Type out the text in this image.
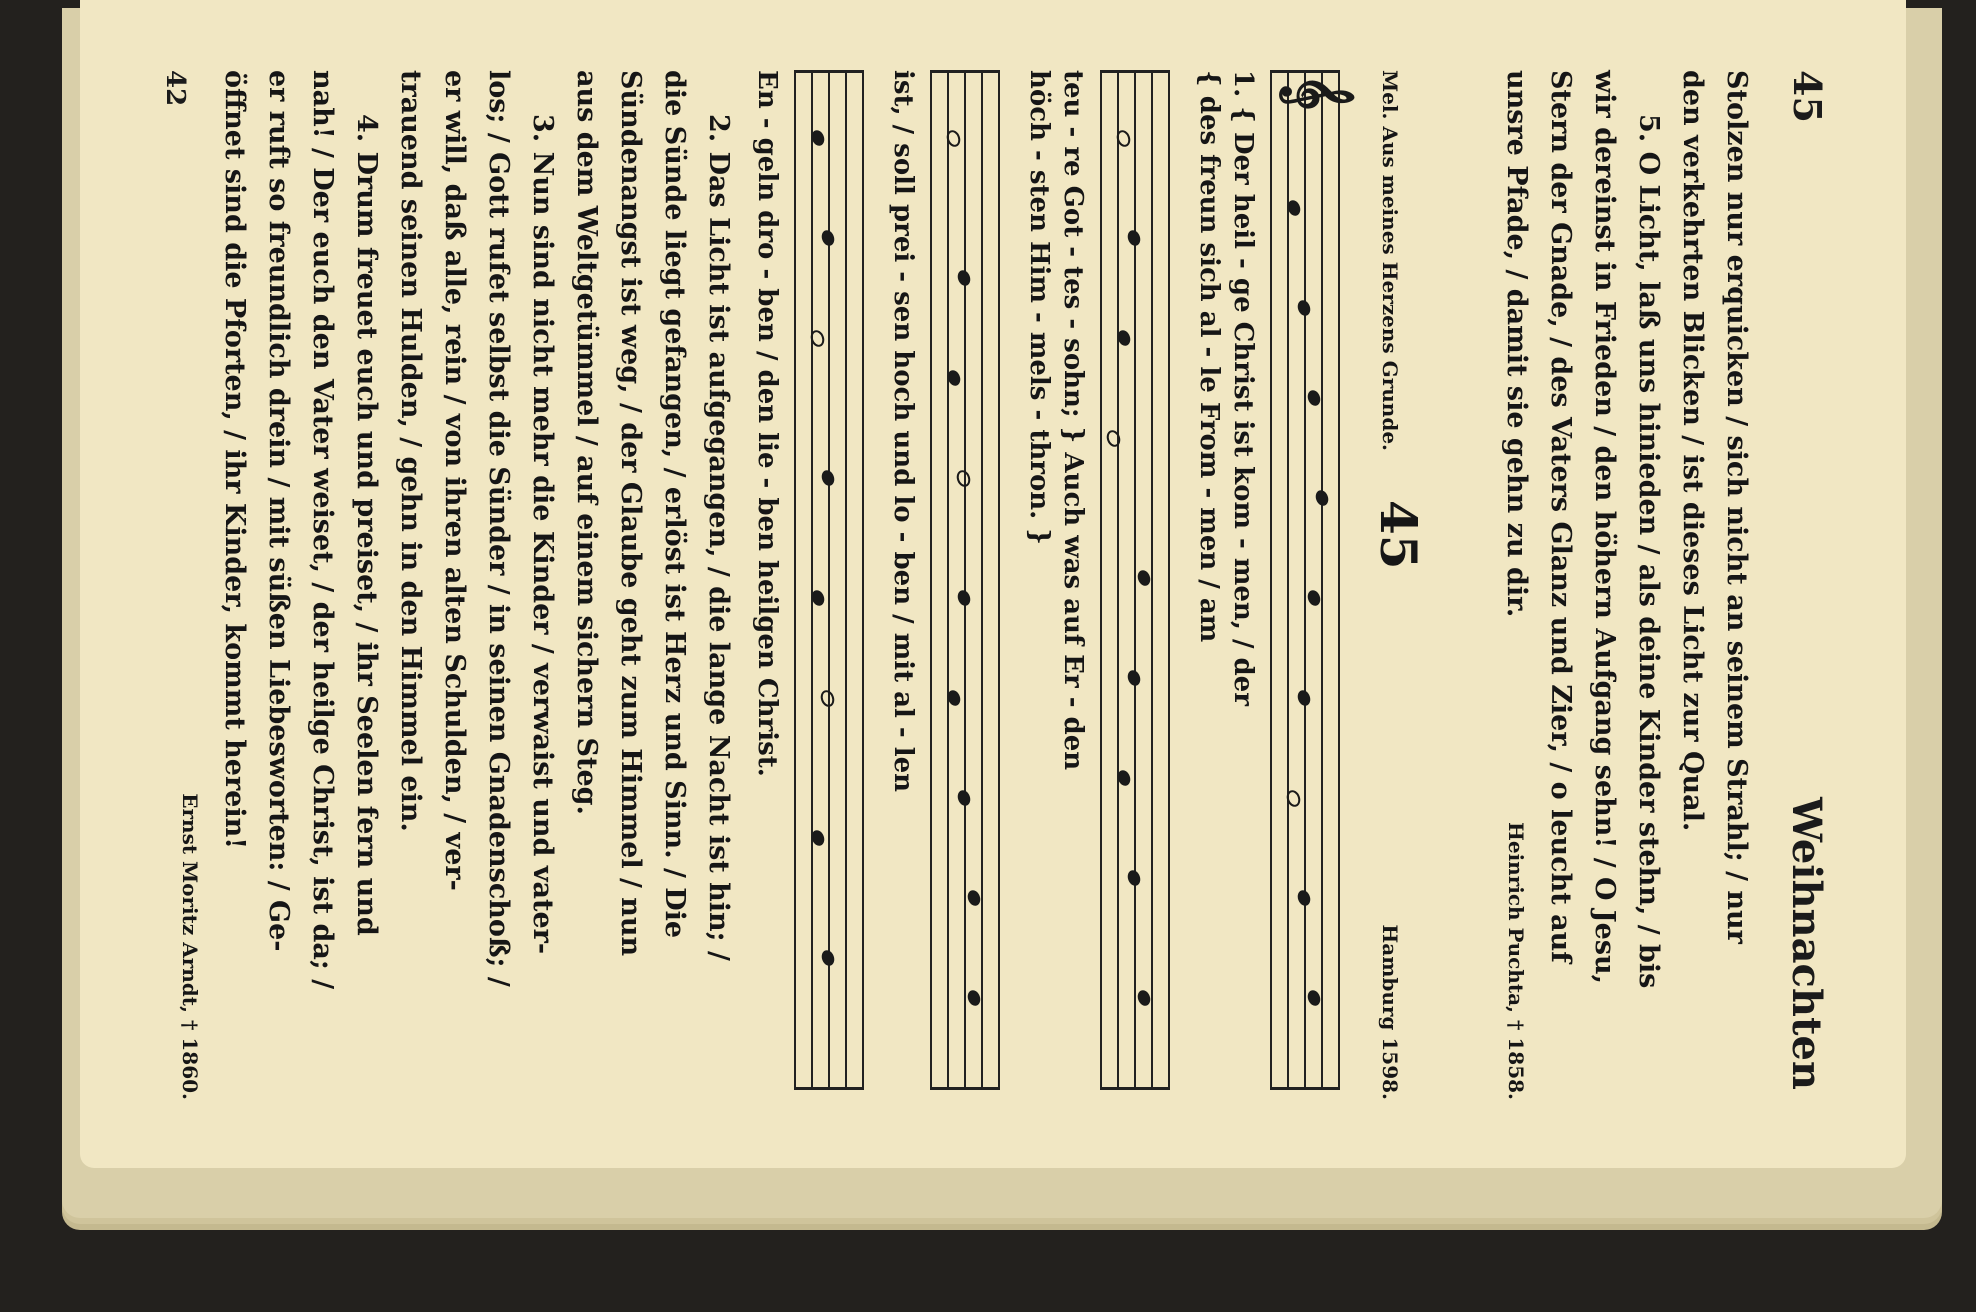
45
Weihnachten

Stolzen nur erquicken / sich nicht an seinem Strahl; / nur

den verkehrten Blicken / ist dieses Licht zur Qual.

5. O Licht, laß uns hinieden / als deine Kinder stehn, / bis

wir dereinst in Frieden / den höhern Aufgang sehn! / O Jesu,

Stern der Gnade, / des Vaters Glanz und Zier, / o leucht auf

unsre Pfade, / damit sie gehn zu dir.

Heinrich Puchta, † 1858.

Mel. Aus meines Herzens Grunde.
45
Hamburg 1598.
𝄞
1. { Der heil - ge Christ ist kom - men, / der
{ des freun sich al - le From - men / am
teu - re Got - tes - sohn; } Auch was auf Er - den
höch - sten Him - mels - thron. }
ist, / soll prei - sen hoch und lo - ben / mit al - len
En - geln dro - ben / den lie - ben heilgen Christ.

2. Das Licht ist aufgegangen, / die lange Nacht ist hin; /

die Sünde liegt gefangen, / erlöst ist Herz und Sinn. / Die

Sündenangst ist weg, / der Glaube geht zum Himmel / nun

aus dem Weltgetümmel / auf einem sichern Steg.

3. Nun sind nicht mehr die Kinder / verwaist und vater-

los; / Gott rufet selbst die Sünder / in seinen Gnadenschoß; /

er will, daß alle, rein / von ihren alten Schulden, / ver-

trauend seinen Hulden, / gehn in den Himmel ein.

4. Drum freuet euch und preiset, / ihr Seelen fern und

nah! / Der euch den Vater weiset, / der heilge Christ, ist da; /

er ruft so freundlich drein / mit süßen Liebesworten: / Ge-

öffnet sind die Pforten, / ihr Kinder, kommt herein!

Ernst Moritz Arndt, † 1860.

42
